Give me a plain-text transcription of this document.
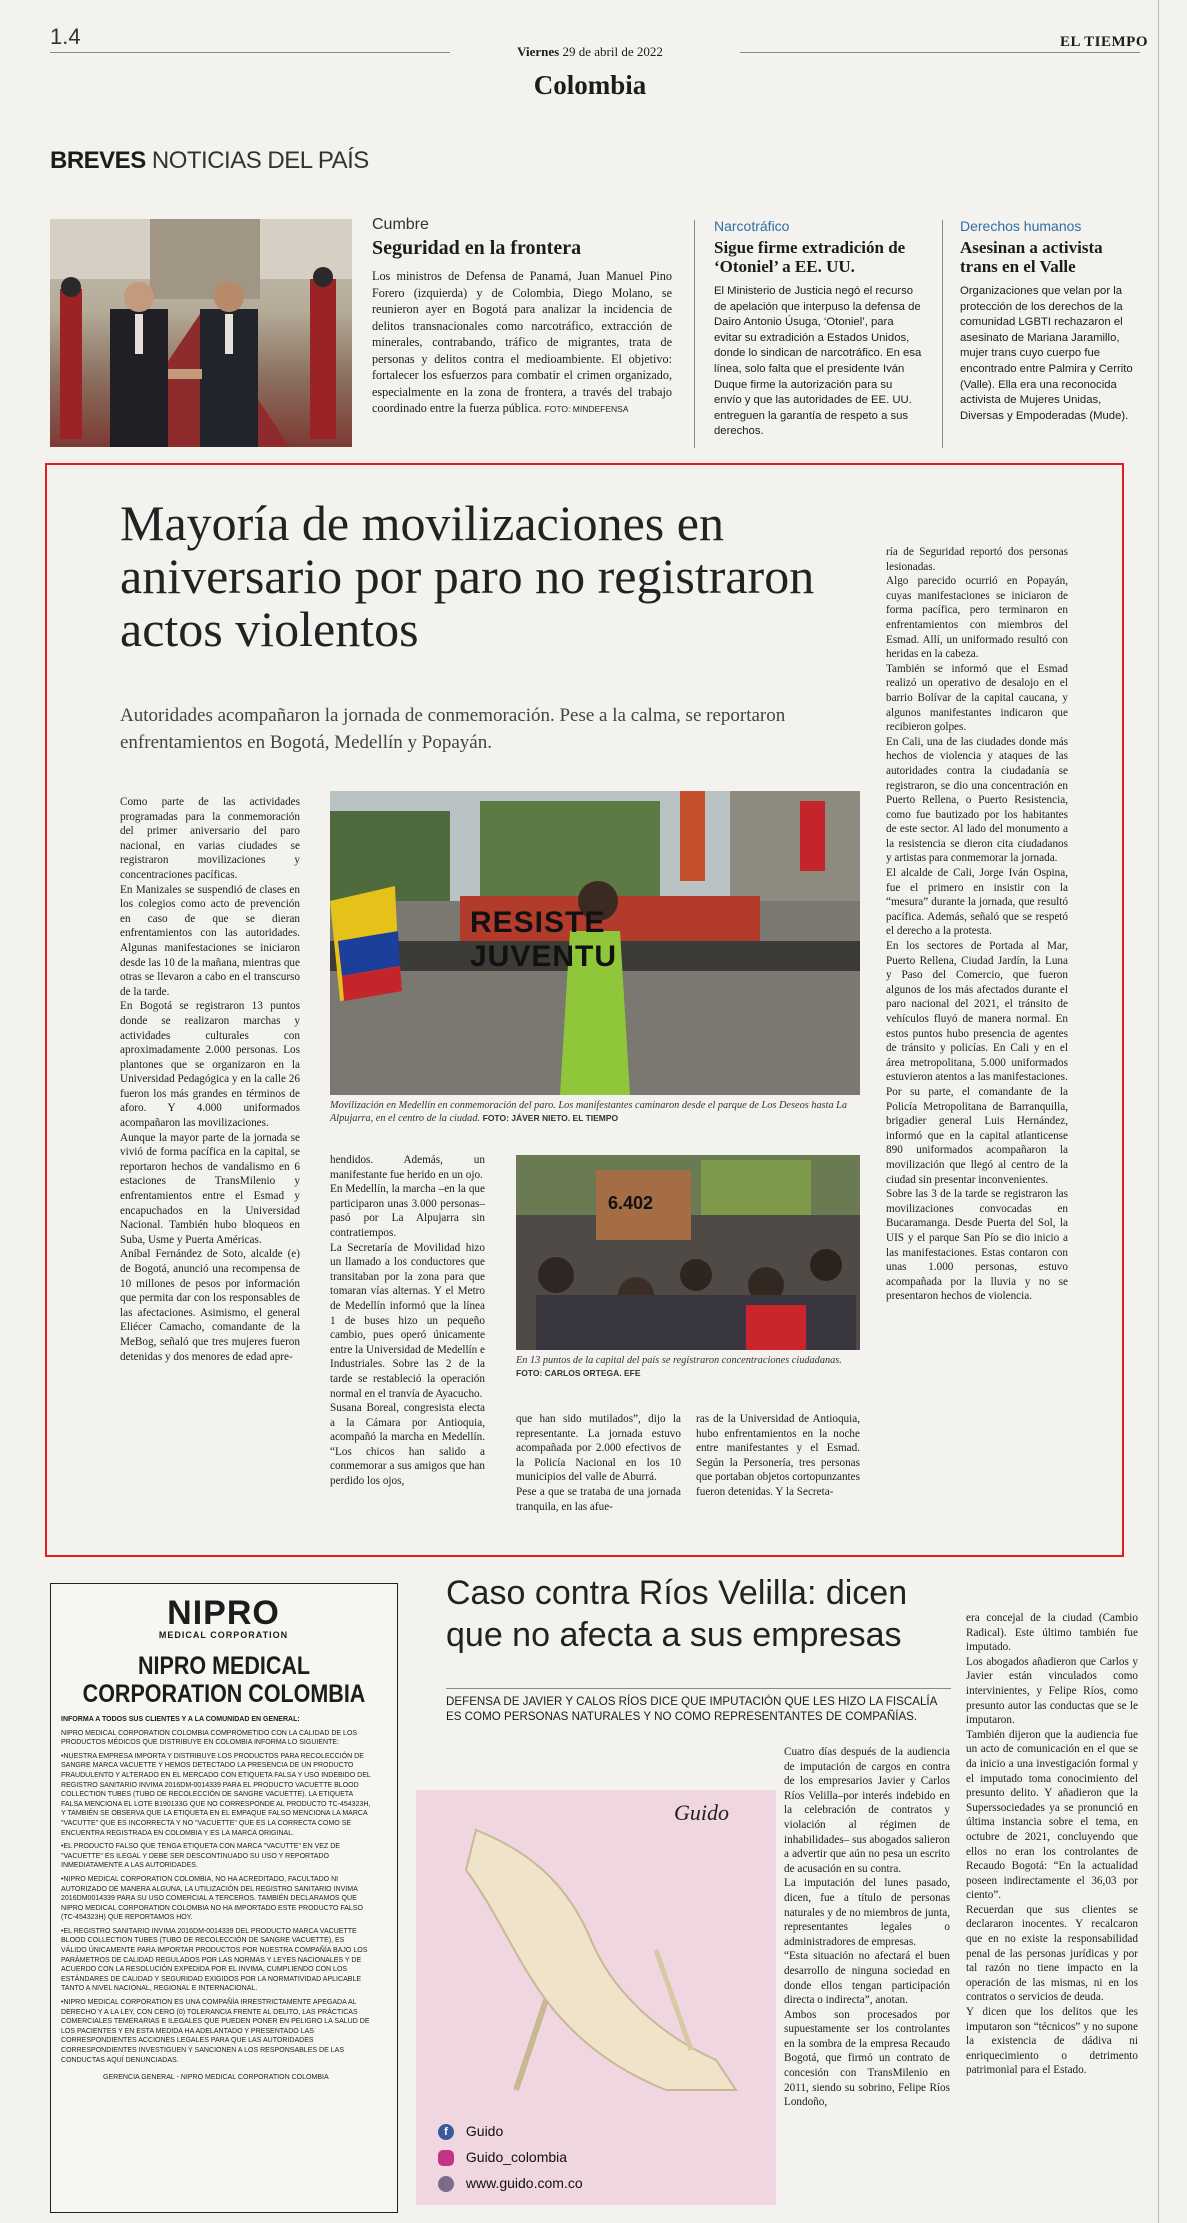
1.4
Viernes 29 de abril de 2022
Colombia
EL TIEMPO
BREVES NOTICIAS DEL PAÍS
Cumbre
Seguridad en la frontera

Los ministros de Defensa de Panamá, Juan Manuel Pino Forero (izquierda) y de Colombia, Diego Molano, se reunieron ayer en Bogotá para analizar la incidencia de delitos transnacionales como narcotráfico, extracción de minerales, contrabando, tráfico de migrantes, trata de personas y delitos contra el medioambiente. El objetivo: fortalecer los esfuerzos para combatir el crimen organizado, especialmente en la zona de frontera, a través del trabajo coordinado entre la fuerza pública. FOTO: MINDEFENSA

Narcotráfico
Sigue firme extradición de ‘Otoniel’ a EE. UU.
El Ministerio de Justicia negó el recurso de apelación que interpuso la defensa de Dairo Antonio Úsuga, ‘Otoniel’, para evitar su extradición a Estados Unidos, donde lo sindican de narcotráfico. En esa línea, solo falta que el presidente Iván Duque firme la autorización para su envío y que las autoridades de EE. UU. entreguen la garantía de respeto a sus derechos.
Derechos humanos
Asesinan a activista trans en el Valle
Organizaciones que velan por la protección de los derechos de la comunidad LGBTI rechazaron el asesinato de Mariana Jaramillo, mujer trans cuyo cuerpo fue encontrado entre Palmira y Cerrito (Valle). Ella era una reconocida activista de Mujeres Unidas, Diversas y Empoderadas (Mude).
Mayoría de movilizaciones en aniversario por paro no registraron actos violentos
Autoridades acompañaron la jornada de conmemoración. Pese a la calma, se reportaron enfrentamientos en Bogotá, Medellín y Popayán.
Como parte de las actividades programadas para la conmemoración del primer aniversario del paro nacional, en varias ciudades se registraron movilizaciones y concentraciones pacíficas.
En Manizales se suspendió de clases en los colegios como acto de prevención en caso de que se dieran enfrentamientos con las autoridades. Algunas manifestaciones se iniciaron desde las 10 de la mañana, mientras que otras se llevaron a cabo en el transcurso de la tarde.
En Bogotá se registraron 13 puntos donde se realizaron marchas y actividades culturales con aproximadamente 2.000 personas. Los plantones que se organizaron en la Universidad Pedagógica y en la calle 26 fueron los más grandes en términos de aforo. Y 4.000 uniformados acompañaron las movilizaciones.
Aunque la mayor parte de la jornada se vivió de forma pacífica en la capital, se reportaron hechos de vandalismo en 6 estaciones de TransMilenio y enfrentamientos entre el Esmad y encapuchados en la Universidad Nacional. También hubo bloqueos en Suba, Usme y Puerta Américas.
Aníbal Fernández de Soto, alcalde (e) de Bogotá, anunció una recompensa de 10 millones de pesos por información que permita dar con los responsables de las afectaciones. Asimismo, el general Eliécer Camacho, comandante de la MeBog, señaló que tres mujeres fueron detenidas y dos menores de edad apre-
RESISTE JUVENTU
Movilización en Medellín en conmemoración del paro. Los manifestantes caminaron desde el parque de Los Deseos hasta La Alpujarra, en el centro de la ciudad. FOTO: JÁVER NIETO. EL TIEMPO
hendidos. Además, un manifestante fue herido en un ojo.
En Medellín, la marcha –en la que participaron unas 3.000 personas– pasó por La Alpujarra sin contratiempos.
La Secretaría de Movilidad hizo un llamado a los conductores que transitaban por la zona para que tomaran vías alternas. Y el Metro de Medellín informó que la línea 1 de buses hizo un pequeño cambio, pues operó únicamente entre la Universidad de Medellín e Industriales. Sobre las 2 de la tarde se restableció la operación normal en el tranvía de Ayacucho.
Susana Boreal, congresista electa a la Cámara por Antioquia, acompañó la marcha en Medellín. “Los chicos han salido a conmemorar a sus amigos que han perdido los ojos,
6.402
En 13 puntos de la capital del país se registraron concentraciones ciudadanas. FOTO: CARLOS ORTEGA. EFE
que han sido mutilados”, dijo la representante. La jornada estuvo acompañada por 2.000 efectivos de la Policía Nacional en los 10 municipios del valle de Aburrá.
Pese a que se trataba de una jornada tranquila, en las afue-
ras de la Universidad de Antioquia, hubo enfrentamientos en la noche entre manifestantes y el Esmad. Según la Personería, tres personas que portaban objetos cortopunzantes fueron detenidas. Y la Secreta-
ría de Seguridad reportó dos personas lesionadas.
Algo parecido ocurrió en Popayán, cuyas manifestaciones se iniciaron de forma pacífica, pero terminaron en enfrentamientos con miembros del Esmad. Allí, un uniformado resultó con heridas en la cabeza.
También se informó que el Esmad realizó un operativo de desalojo en el barrio Bolívar de la capital caucana, y algunos manifestantes indicaron que recibieron golpes.
En Cali, una de las ciudades donde más hechos de violencia y ataques de las autoridades contra la ciudadanía se registraron, se dio una concentración en Puerto Rellena, o Puerto Resistencia, como fue bautizado por los habitantes de este sector. Al lado del monumento a la resistencia se dieron cita ciudadanos y artistas para conmemorar la jornada.
El alcalde de Cali, Jorge Iván Ospina, fue el primero en insistir con la “mesura” durante la jornada, que resultó pacífica. Además, señaló que se respetó el derecho a la protesta.
En los sectores de Portada al Mar, Puerto Rellena, Ciudad Jardín, la Luna y Paso del Comercio, que fueron algunos de los más afectados durante el paro nacional del 2021, el tránsito de vehículos fluyó de manera normal. En estos puntos hubo presencia de agentes de tránsito y policías. En Cali y en el área metropolitana, 5.000 uniformados estuvieron atentos a las manifestaciones.
Por su parte, el comandante de la Policía Metropolitana de Barranquilla, brigadier general Luis Hernández, informó que en la capital atlanticense 890 uniformados acompañaron la movilización que llegó al centro de la ciudad sin presentar inconvenientes.
Sobre las 3 de la tarde se registraron las movilizaciones convocadas en Bucaramanga. Desde Puerta del Sol, la UIS y el parque San Pío se dio inicio a las manifestaciones. Estas contaron con unas 1.000 personas, estuvo acompañada por la lluvia y no se presentaron hechos de violencia.
NIPRO
MEDICAL CORPORATION
NIPRO MEDICAL CORPORATION COLOMBIA
INFORMA A TODOS SUS CLIENTES Y A LA COMUNIDAD EN GENERAL:
NIPRO MEDICAL CORPORATION COLOMBIA COMPROMETIDO CON LA CALIDAD DE LOS PRODUCTOS MÉDICOS QUE DISTRIBUYE EN COLOMBIA INFORMA LO SIGUIENTE:
•NUESTRA EMPRESA IMPORTA Y DISTRIBUYE LOS PRODUCTOS PARA RECOLECCIÓN DE SANGRE MARCA VACUETTE Y HEMOS DETECTADO LA PRESENCIA DE UN PRODUCTO FRAUDULENTO Y ALTERADO EN EL MERCADO CON ETIQUETA FALSA Y USO INDEBIDO DEL REGISTRO SANITARIO INVIMA 2016DM-0014339 PARA EL PRODUCTO VACUETTE BLOOD COLLECTION TUBES (TUBO DE RECOLECCIÓN DE SANGRE VACUETTE). LA ETIQUETA FALSA MENCIONA EL LOTE B190133G QUE NO CORRESPONDE AL PRODUCTO TC-454323H, Y TAMBIÉN SE OBSERVA QUE LA ETIQUETA EN EL EMPAQUE FALSO MENCIONA LA MARCA "VACUTTE" QUE ES INCORRECTA Y NO "VACUETTE" QUE ES LA CORRECTA COMO SE ENCUENTRA REGISTRADA EN COLOMBIA Y ES LA MARCA ORIGINAL.
•EL PRODUCTO FALSO QUE TENGA ETIQUETA CON MARCA "VACUTTE" EN VEZ DE "VACUETTE" ES ILEGAL Y DEBE SER DESCONTINUADO SU USO Y REPORTADO INMEDIATAMENTE A LAS AUTORIDADES.
•NIPRO MEDICAL CORPORATION COLOMBIA, NO HA ACREDITADO, FACULTADO NI AUTORIZADO DE MANERA ALGUNA, LA UTILIZACIÓN DEL REGISTRO SANITARIO INVIMA 2016DM0014339 PARA SU USO COMERCIAL A TERCEROS. TAMBIÉN DECLARAMOS QUE NIPRO MEDICAL CORPORATION COLOMBIA NO HA IMPORTADO ESTE PRODUCTO FALSO (TC-454323H) QUE REPORTAMOS HOY.
•EL REGISTRO SANITARIO INVIMA 2016DM-0014339 DEL PRODUCTO MARCA VACUETTE BLOOD COLLECTION TUBES (TUBO DE RECOLECCIÓN DE SANGRE VACUETTE), ES VÁLIDO ÚNICAMENTE PARA IMPORTAR PRODUCTOS POR NUESTRA COMPAÑÍA BAJO LOS PARÁMETROS DE CALIDAD REGULADOS POR LAS NORMAS Y LEYES NACIONALES Y DE ACUERDO CON LA RESOLUCIÓN EXPEDIDA POR EL INVIMA, CUMPLIENDO CON LOS ESTÁNDARES DE CALIDAD Y SEGURIDAD EXIGIDOS POR LA NORMATIVIDAD APLICABLE TANTO A NIVEL NACIONAL, REGIONAL E INTERNACIONAL.
•NIPRO MEDICAL CORPORATION ES UNA COMPAÑÍA IRRESTRICTAMENTE APEGADA AL DERECHO Y A LA LEY, CON CERO (0) TOLERANCIA FRENTE AL DELITO, LAS PRÁCTICAS COMERCIALES TEMERARIAS E ILEGALES QUE PUEDEN PONER EN PELIGRO LA SALUD DE LOS PACIENTES Y EN ESTA MEDIDA HA ADELANTADO Y PRESENTADO LAS CORRESPONDIENTES ACCIONES LEGALES PARA QUE LAS AUTORIDADES CORRESPONDIENTES INVESTIGUEN Y SANCIONEN A LOS RESPONSABLES DE LAS CONDUCTAS AQUÍ DENUNCIADAS.
GERENCIA GENERAL - NIPRO MEDICAL CORPORATION COLOMBIA
Caso contra Ríos Velilla: dicen que no afecta a sus empresas
DEFENSA DE JAVIER Y CALOS RÍOS DICE QUE IMPUTACIÓN QUE LES HIZO LA FISCALÍA ES COMO PERSONAS NATURALES Y NO COMO REPRESENTANTES DE COMPAÑÍAS.
Guido
f Guido
Guido_colombia
www.guido.com.co
Cuatro días después de la audiencia de imputación de cargos en contra de los empresarios Javier y Carlos Ríos Velilla–por interés indebido en la celebración de contratos y violación al régimen de inhabilidades– sus abogados salieron a advertir que aún no pesa un escrito de acusación en su contra.
La imputación del lunes pasado, dicen, fue a título de personas naturales y de no miembros de junta, representantes legales o administradores de empresas.
“Esta situación no afectará el buen desarrollo de ninguna sociedad en donde ellos tengan participación directa o indirecta”, anotan.
Ambos son procesados por supuestamente ser los controlantes en la sombra de la empresa Recaudo Bogotá, que firmó un contrato de concesión con TransMilenio en 2011, siendo su sobrino, Felipe Ríos Londoño,
era concejal de la ciudad (Cambio Radical). Este último también fue imputado.
Los abogados añadieron que Carlos y Javier están vinculados como intervinientes, y Felipe Ríos, como presunto autor las conductas que se le imputaron.
También dijeron que la audiencia fue un acto de comunicación en el que se da inicio a una investigación formal y el imputado toma conocimiento del presunto delito. Y añadieron que la Superssociedades ya se pronunció en última instancia sobre el tema, en octubre de 2021, concluyendo que ellos no eran los controlantes de Recaudo Bogotá: “En la actualidad poseen indirectamente el 36,03 por ciento”.
Recuerdan que sus clientes se declararon inocentes. Y recalcaron que en no existe la responsabilidad penal de las personas jurídicas y por tal razón no tiene impacto en la operación de las mismas, ni en los contratos o servicios de deuda.
Y dicen que los delitos que les imputaron son “técnicos” y no supone la existencia de dádiva ni enriquecimiento o detrimento patrimonial para el Estado.
